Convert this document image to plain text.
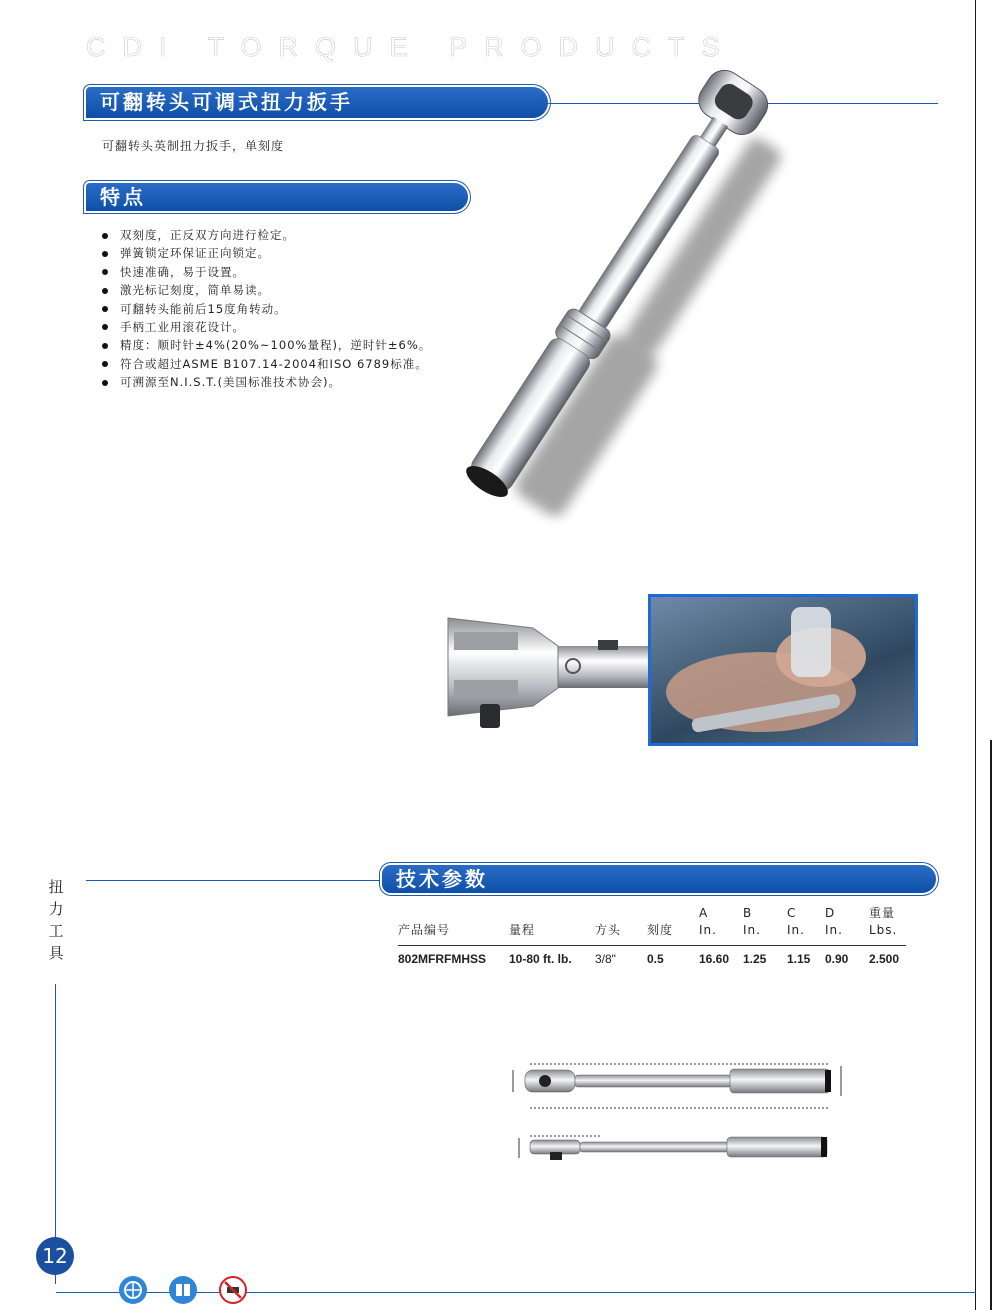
CDI TORQUE PRODUCTS
可翻转头可调式扭力扳手
可翻转头英制扭力扳手，单刻度
特点
双刻度，正反双方向进行检定。
弹簧锁定环保证正向锁定。
快速准确，易于设置。
激光标记刻度，简单易读。
可翻转头能前后15度角转动。
手柄工业用滚花设计。
精度：顺时针±4%(20%~100%量程)，逆时针±6%。
符合或超过ASME B107.14-2004和ISO 6789标准。
可溯源至N.I.S.T.(美国标准技术协会)。
技术参数
				A	B	C	D	重量
产品编号	量程	方头	刻度	In.	In.	In.	In.	Lbs.

802MFRFMHSS	10-80 ft. lb.	3/8"	0.5	16.60	1.25	1.15	0.90	2.500
扭
力
工
具
12
